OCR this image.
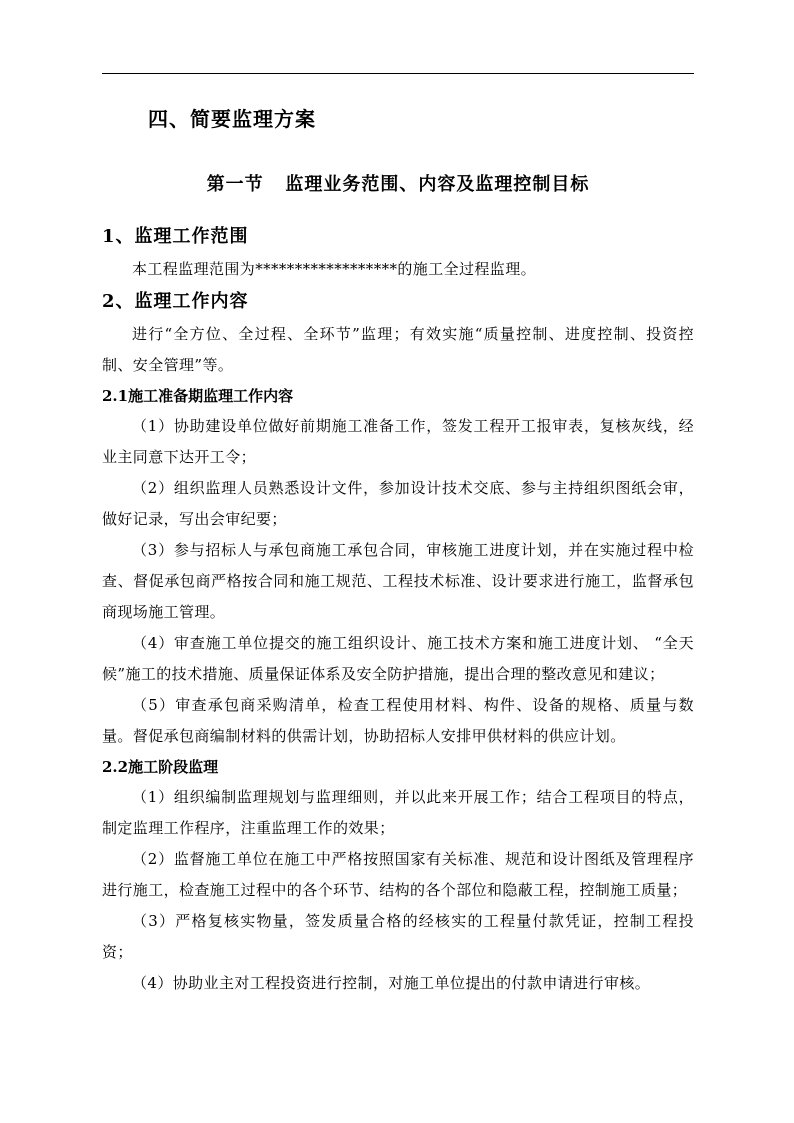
四、简要监理方案
第一节   监理业务范围、内容及监理控制目标
1、监理工作范围

本工程监理范围为******************的施工全过程监理。

2、监理工作内容

进行“全方位、全过程、全环节”监理；有效实施“质量控制、进度控制、投资控制、安全管理”等。

2.1施工准备期监理工作内容

（1）协助建设单位做好前期施工准备工作，签发工程开工报审表，复核灰线，经业主同意下达开工令；

（2）组织监理人员熟悉设计文件，参加设计技术交底、参与主持组织图纸会审，做好记录，写出会审纪要；

（3）参与招标人与承包商施工承包合同，审核施工进度计划，并在实施过程中检查、督促承包商严格按合同和施工规范、工程技术标准、设计要求进行施工，监督承包商现场施工管理。

（4）审查施工单位提交的施工组织设计、施工技术方案和施工进度计划、 “全天候”施工的技术措施、质量保证体系及安全防护措施，提出合理的整改意见和建议；

（5）审查承包商采购清单，检查工程使用材料、构件、设备的规格、质量与数量。督促承包商编制材料的供需计划，协助招标人安排甲供材料的供应计划。

2.2施工阶段监理

（1）组织编制监理规划与监理细则，并以此来开展工作；结合工程项目的特点，制定监理工作程序，注重监理工作的效果；

（2）监督施工单位在施工中严格按照国家有关标准、规范和设计图纸及管理程序进行施工，检查施工过程中的各个环节、结构的各个部位和隐蔽工程，控制施工质量；

（3）严格复核实物量，签发质量合格的经核实的工程量付款凭证，控制工程投资；

（4）协助业主对工程投资进行控制，对施工单位提出的付款申请进行审核。
